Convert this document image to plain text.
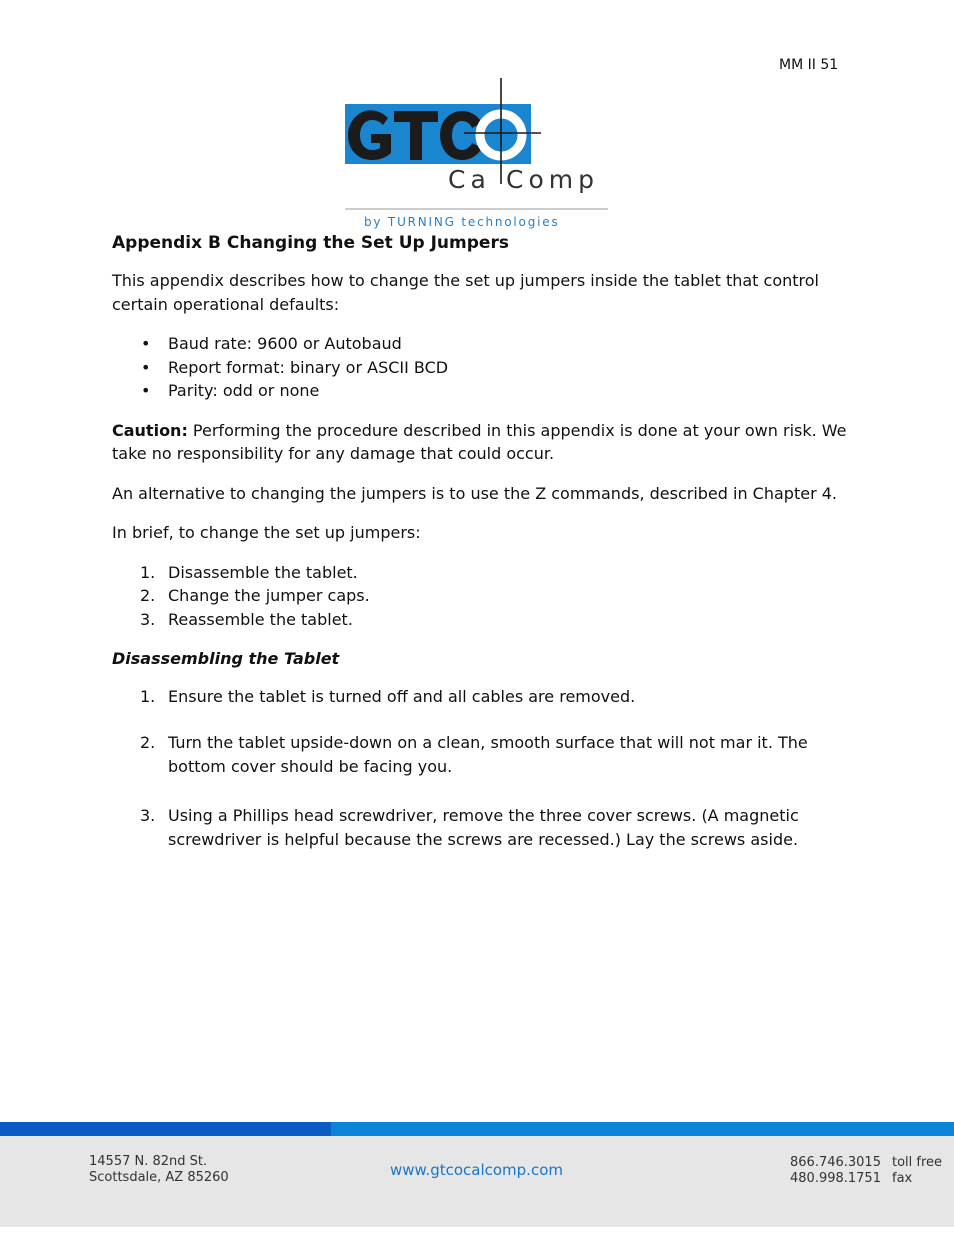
MM II 51
Ca Comp
by TURNING technologies
Appendix B Changing the Set Up Jumpers

This appendix describes how to change the set up jumpers inside the tablet that control certain operational defaults:

• Baud rate: 9600 or Autobaud
• Report format: binary or ASCII BCD
• Parity: odd or none

Caution: Performing the procedure described in this appendix is done at your own risk. We take no responsibility for any damage that could occur.

An alternative to changing the jumpers is to use the Z commands, described in Chapter 4.

In brief, to change the set up jumpers:

1. Disassemble the tablet.
2. Change the jumper caps.
3. Reassemble the tablet.
Disassembling the Tablet
1. Ensure the tablet is turned off and all cables are removed.
2. Turn the tablet upside-down on a clean, smooth surface that will not mar it. The bottom cover should be facing you.
3. Using a Phillips head screwdriver, remove the three cover screws. (A magnetic screwdriver is helpful because the screws are recessed.) Lay the screws aside.
14557 N. 82nd St.
Scottsdale, AZ 85260	www.gtcocalcomp.com	866.746.3015
480.998.1751
toll free
fax
